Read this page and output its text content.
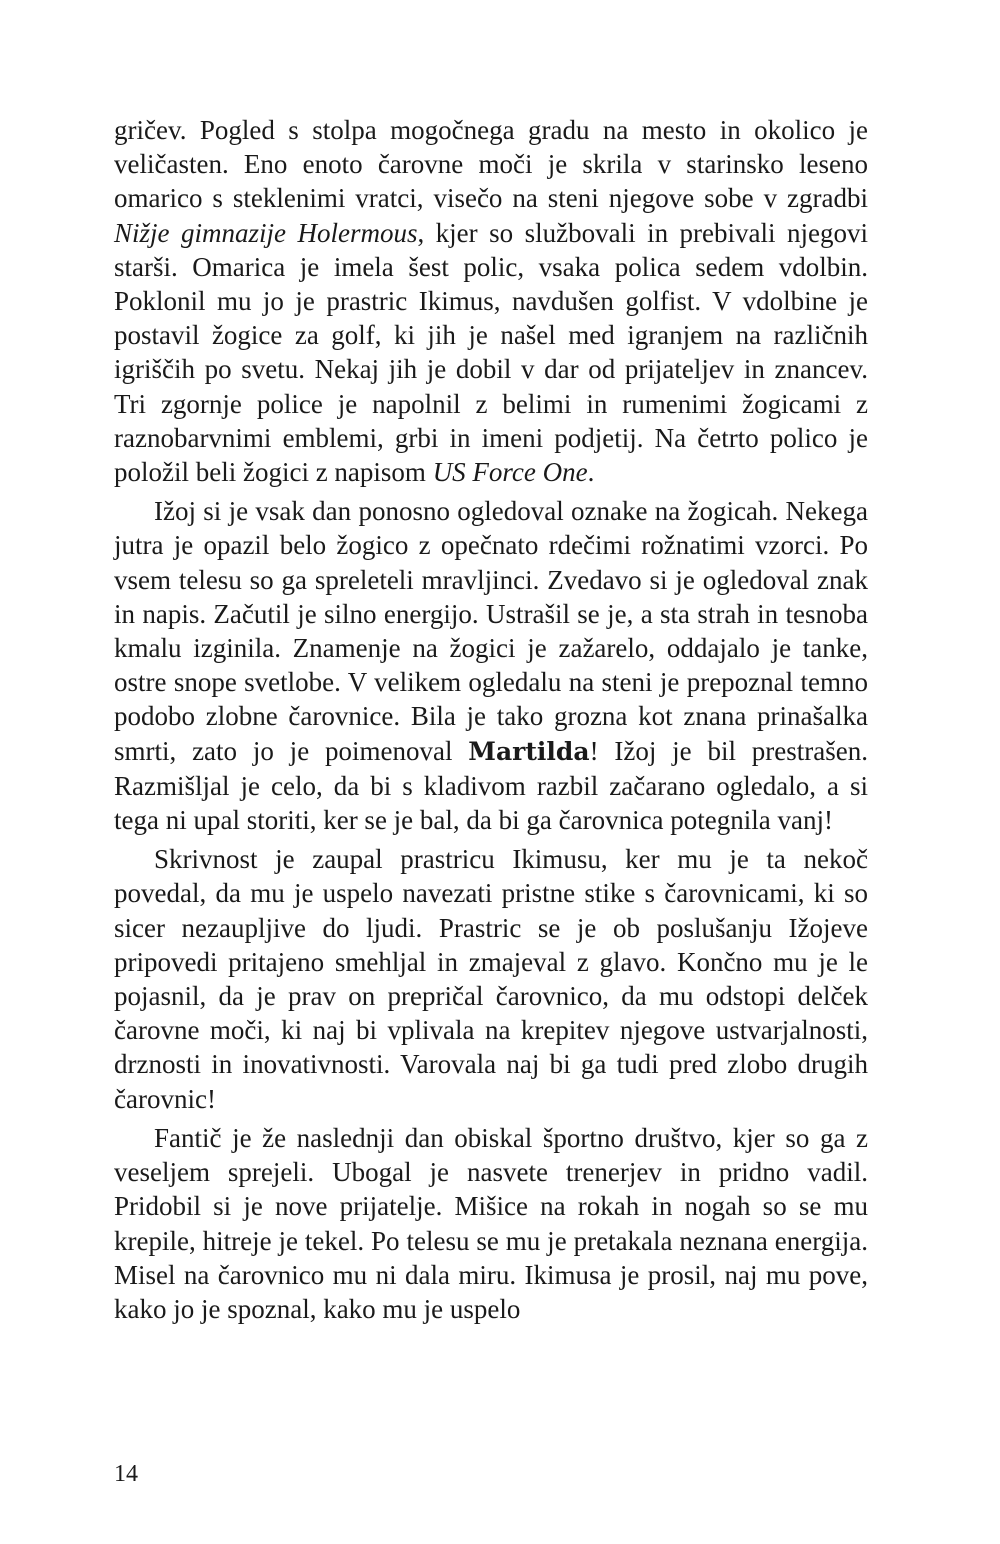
gričev. Pogled s stolpa mogočnega gradu na mesto in okolico je veličasten. Eno enoto čarovne moči je skrila v starinsko leseno omarico s steklenimi vratci, visečo na steni njegove sobe v zgradbi Nižje gimnazije Holermous, kjer so službovali in prebivali njegovi starši. Omarica je imela šest polic, vsaka polica sedem vdolbin. Poklonil mu jo je prastric Ikimus, navdušen golfist. V vdolbine je postavil žogice za golf, ki jih je našel med igranjem na različnih igriščih po svetu. Nekaj jih je dobil v dar od prijateljev in znancev. Tri zgornje police je napolnil z belimi in rumenimi žogicami z raznobarvnimi emblemi, grbi in imeni podjetij. Na četrto polico je položil beli žogici z napisom US Force One.

Ižoj si je vsak dan ponosno ogledoval oznake na žogicah. Nekega jutra je opazil belo žogico z opečnato rdečimi rožnatimi vzorci. Po vsem telesu so ga spreleteli mravljinci. Zvedavo si je ogledoval znak in napis. Začutil je silno energijo. Ustrašil se je, a sta strah in tesnoba kmalu izginila. Znamenje na žogici je zažarelo, oddajalo je tanke, ostre snope svetlobe. V velikem ogledalu na steni je prepoznal temno podobo zlobne čarovnice. Bila je tako grozna kot znana prinašalka smrti, zato jo je poimenoval Martilda! Ižoj je bil prestrašen. Razmišljal je celo, da bi s kladivom razbil začarano ogledalo, a si tega ni upal storiti, ker se je bal, da bi ga čarovnica potegnila vanj!

Skrivnost je zaupal prastricu Ikimusu, ker mu je ta nekoč povedal, da mu je uspelo navezati pristne stike s čarovnicami, ki so sicer nezaupljive do ljudi. Prastric se je ob poslušanju Ižojeve pripovedi pritajeno smehljal in zmajeval z glavo. Končno mu je le pojasnil, da je prav on prepričal čarovnico, da mu odstopi delček čarovne moči, ki naj bi vplivala na krepitev njegove ustvarjalnosti, drznosti in inovativnosti. Varovala naj bi ga tudi pred zlobo drugih čarovnic!

Fantič je že naslednji dan obiskal športno društvo, kjer so ga z veseljem sprejeli. Ubogal je nasvete trenerjev in pridno vadil. Pridobil si je nove prijatelje. Mišice na rokah in nogah so se mu krepile, hitreje je tekel. Po telesu se mu je pretakala neznana energija. Misel na čarovnico mu ni dala miru. Ikimusa je prosil, naj mu pove, kako jo je spoznal, kako mu je uspelo

14
